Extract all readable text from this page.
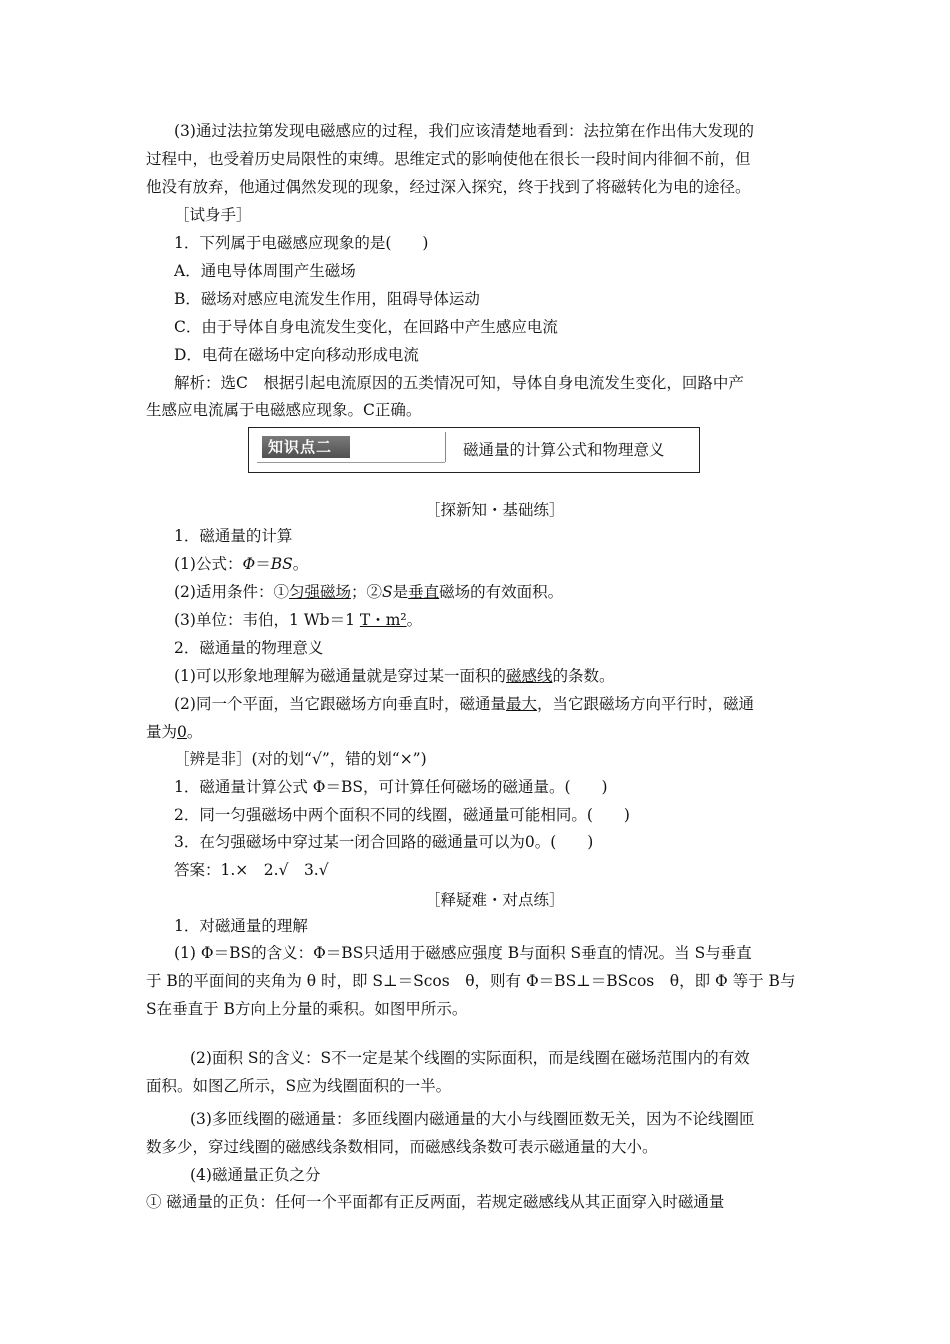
(3)通过法拉第发现电磁感应的过程，我们应该清楚地看到：法拉第在作出伟大发现的
过程中，也受着历史局限性的束缚。思维定式的影响使他在很长一段时间内徘徊不前，但
他没有放弃，他通过偶然发现的现象，经过深入探究，终于找到了将磁转化为电的途径。
［试身手］
1．下列属于电磁感应现象的是(　　)
A．通电导体周围产生磁场
B．磁场对感应电流发生作用，阻碍导体运动
C．由于导体自身电流发生变化，在回路中产生感应电流
D．电荷在磁场中定向移动形成电流
解析：选C　根据引起电流原因的五类情况可知，导体自身电流发生变化，回路中产
生感应电流属于电磁感应现象。C正确。
知识点二	磁通量的计算公式和物理意义
［探新知・基础练］
1．磁通量的计算
(1)公式：Φ＝BS。
(2)适用条件：①匀强磁场；②S是垂直磁场的有效面积。
(3)单位：韦伯，1 Wb＝1 T・m²。
2．磁通量的物理意义
(1)可以形象地理解为磁通量就是穿过某一面积的磁感线的条数。
(2)同一个平面，当它跟磁场方向垂直时，磁通量最大，当它跟磁场方向平行时，磁通
量为0。
［辨是非］(对的划“√”，错的划“×”)
1．磁通量计算公式 Φ＝BS，可计算任何磁场的磁通量。(　　)
2．同一匀强磁场中两个面积不同的线圈，磁通量可能相同。(　　)
3．在匀强磁场中穿过某一闭合回路的磁通量可以为0。(　　)
答案：1.×　2.√　3.√
［释疑难・对点练］
1．对磁通量的理解
(1) Φ＝BS的含义：Φ＝BS只适用于磁感应强度 B与面积 S垂直的情况。当 S与垂直
于 B的平面间的夹角为 θ 时，即 S⊥＝Scos　θ，则有 Φ＝BS⊥＝BScos　θ，即 Φ 等于 B与
S在垂直于 B方向上分量的乘积。如图甲所示。
(2)面积 S的含义：S不一定是某个线圈的实际面积，而是线圈在磁场范围内的有效
面积。如图乙所示，S应为线圈面积的一半。
(3)多匝线圈的磁通量：多匝线圈内磁通量的大小与线圈匝数无关，因为不论线圈匝
数多少，穿过线圈的磁感线条数相同，而磁感线条数可表示磁通量的大小。
(4)磁通量正负之分
① 磁通量的正负：任何一个平面都有正反两面，若规定磁感线从其正面穿入时磁通量
